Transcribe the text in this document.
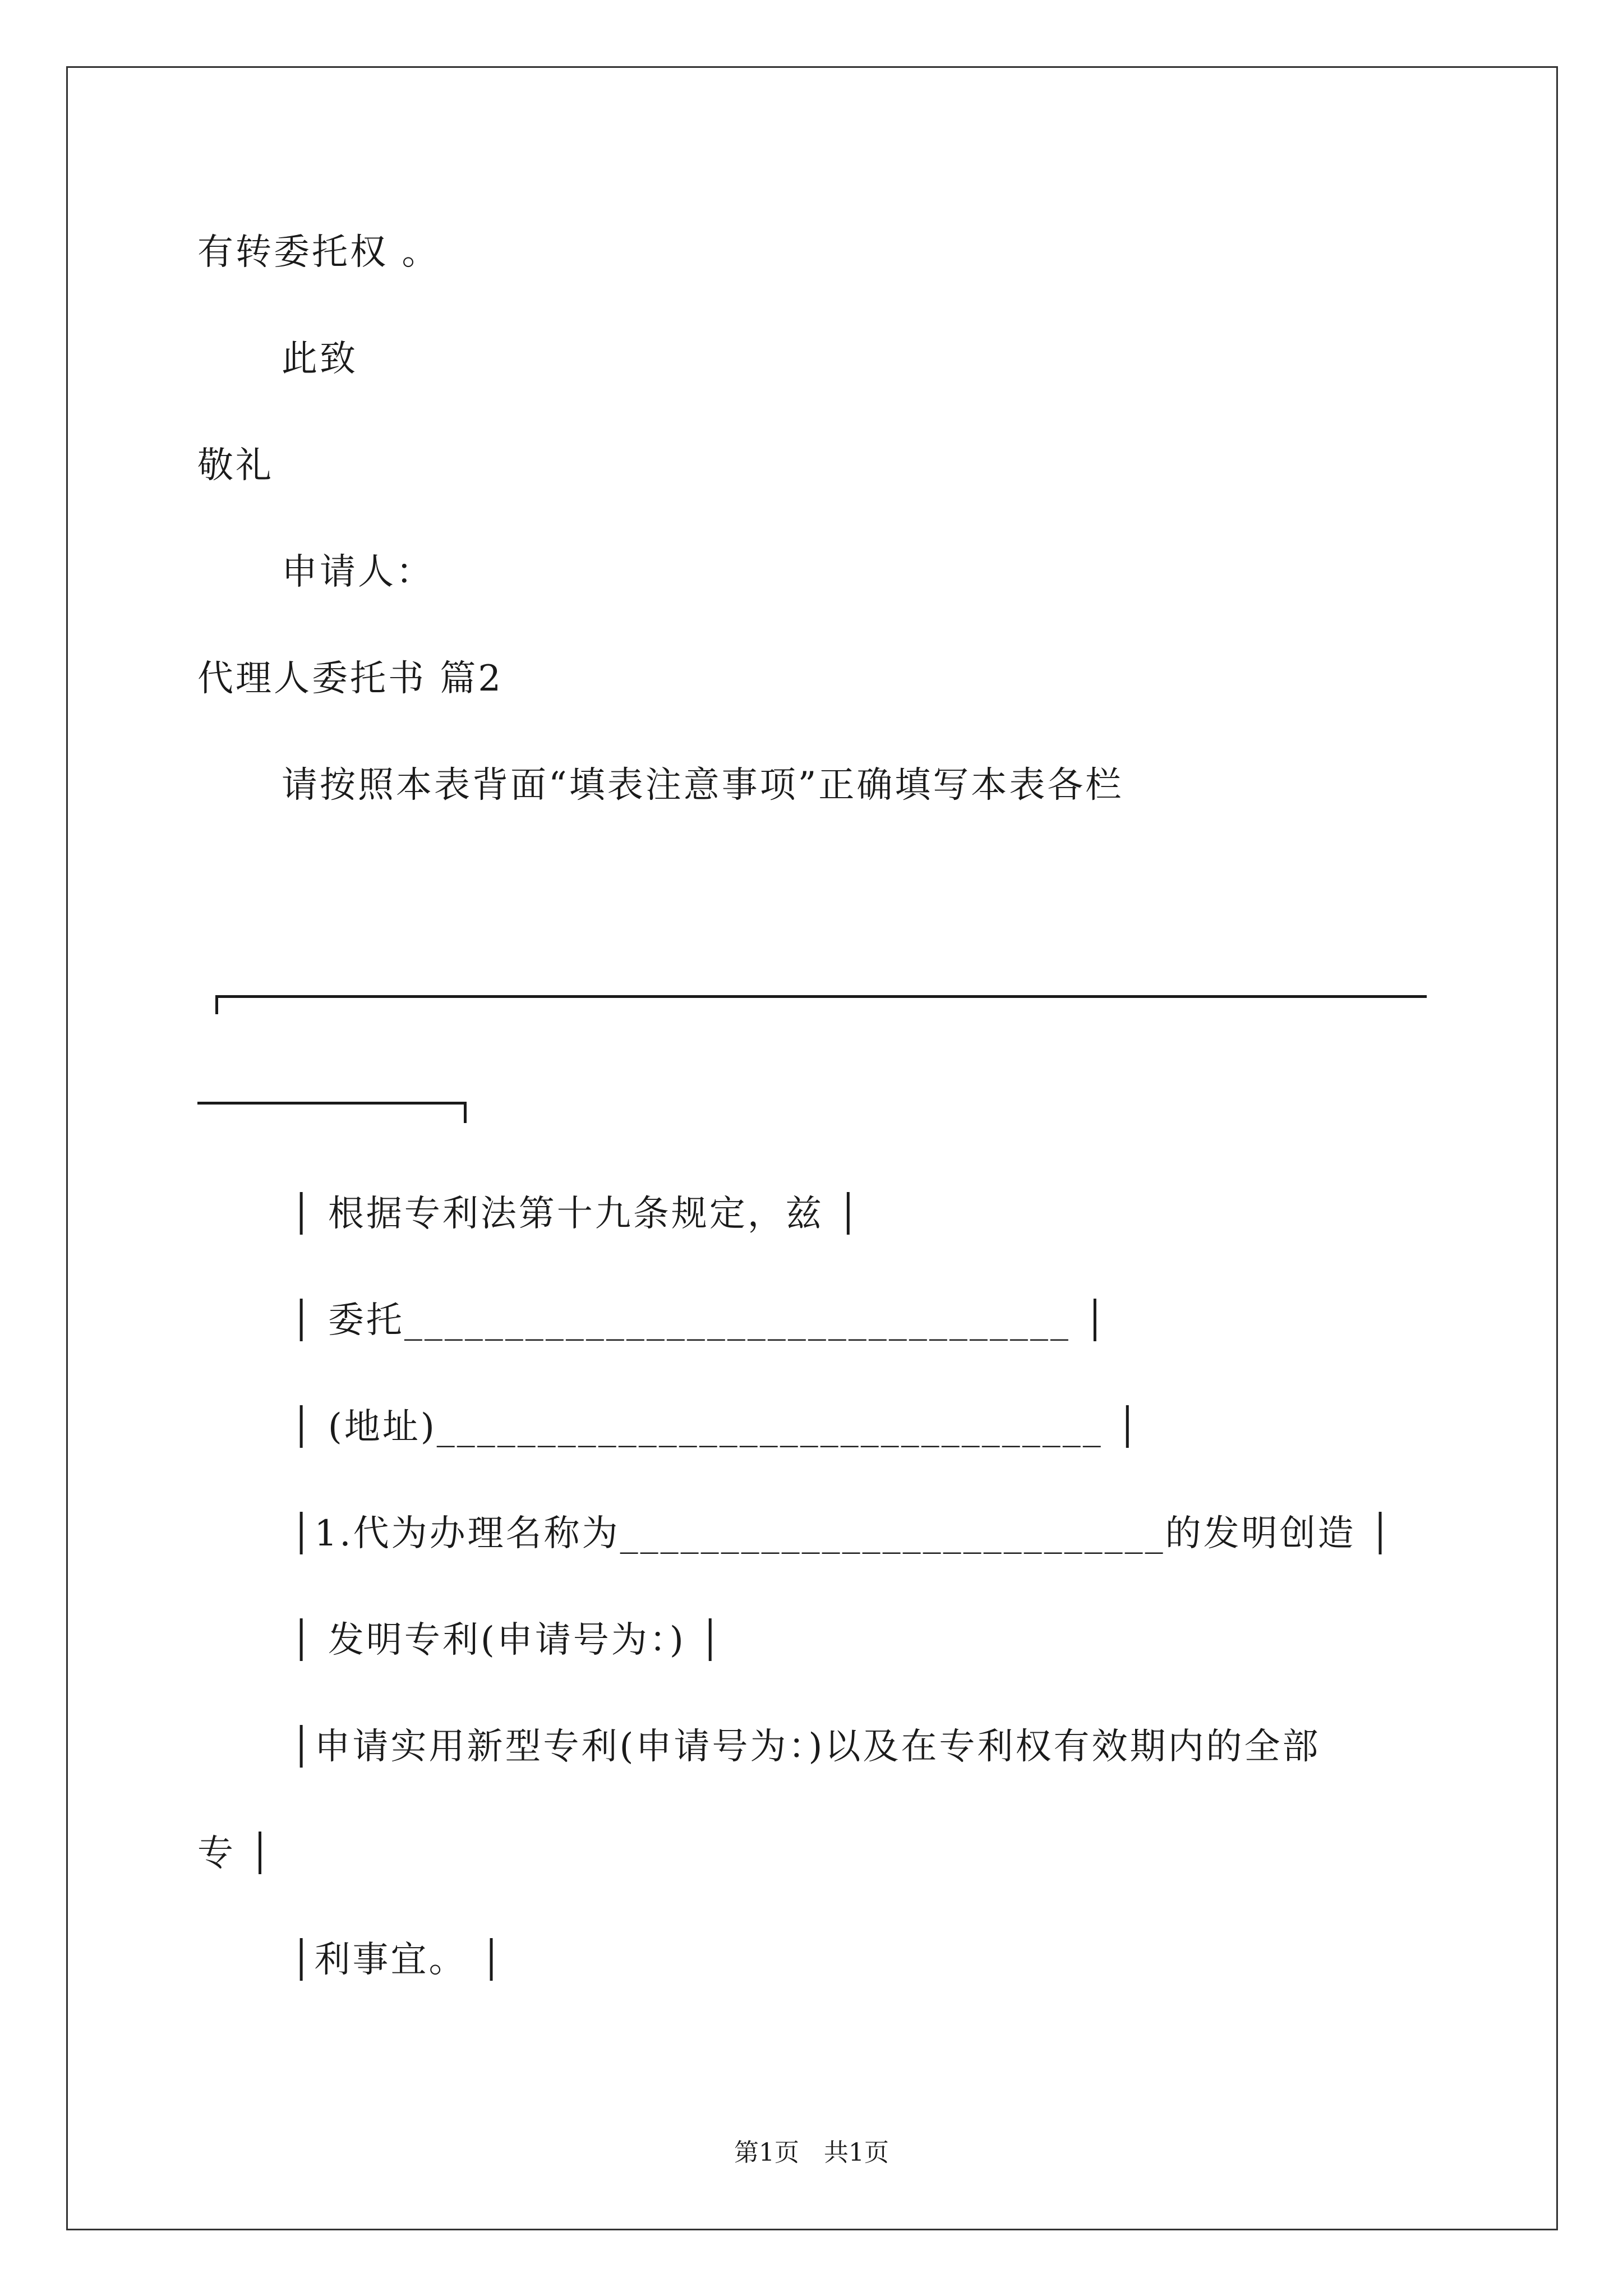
有转委托权 。
此致
敬礼
申请人：
代理人委托书 篇2
请按照本表背面“填表注意事项”正确填写本表各栏
│ 根据专利法第十九条规定，兹 │
│ 委托_________________________________ │
│ (地址)_________________________________ │
│1.代为办理名称为___________________________的发明创造 │
│ 发明专利(申请号为：) │
│申请实用新型专利(申请号为：)以及在专利权有效期内的全部
专 │
│利事宜。 │
第1页　共1页
